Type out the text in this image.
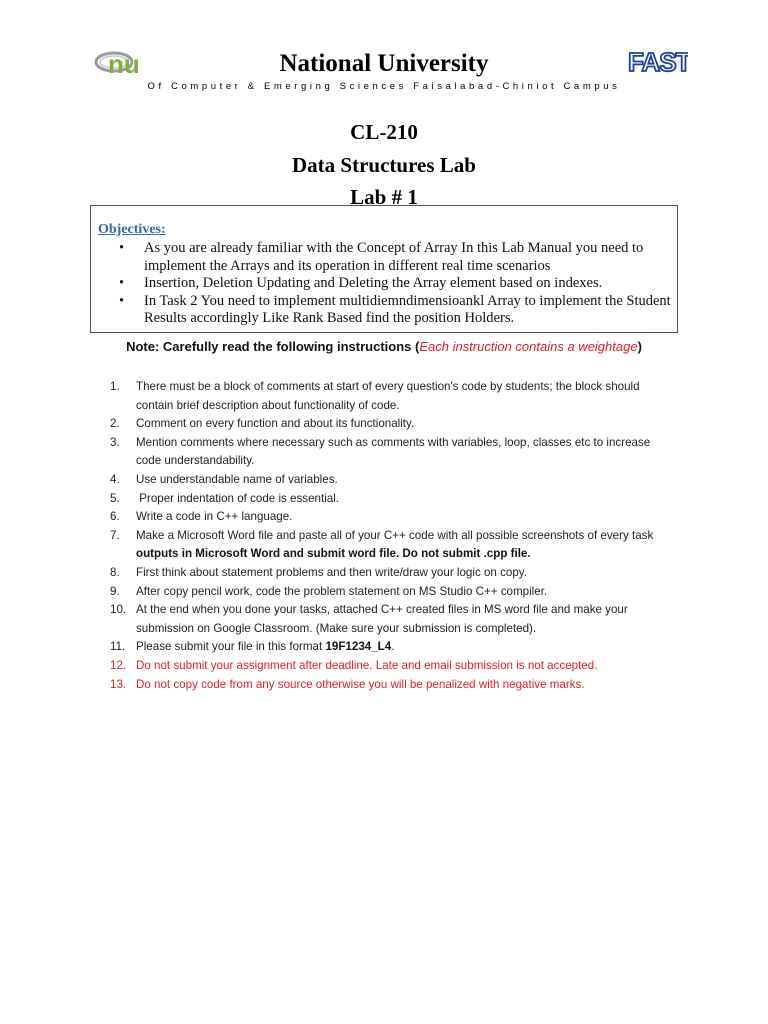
nu	FAST
National University
Of Computer & Emerging Sciences Faisalabad-Chiniot Campus
CL-210
Data Structures Lab
Lab # 1
Objectives:
• As you are already familiar with the Concept of Array In this Lab Manual you need to implement the Arrays and its operation in different real time scenarios
• Insertion, Deletion Updating and Deleting the Array element based on indexes.
• In Task 2 You need to implement multidiemndimensioankl Array to implement the Student Results accordingly Like Rank Based find the position Holders.
Note: Carefully read the following instructions (Each instruction contains a weightage)
1. There must be a block of comments at start of every question's code by students; the block should contain brief description about functionality of code.
2. Comment on every function and about its functionality.
3. Mention comments where necessary such as comments with variables, loop, classes etc to increase code understandability.
4. Use understandable name of variables.
5. Proper indentation of code is essential.
6. Write a code in C++ language.
7. Make a Microsoft Word file and paste all of your C++ code with all possible screenshots of every task outputs in Microsoft Word and submit word file. Do not submit .cpp file.
8. First think about statement problems and then write/draw your logic on copy.
9. After copy pencil work, code the problem statement on MS Studio C++ compiler.
10. At the end when you done your tasks, attached C++ created files in MS word file and make your submission on Google Classroom. (Make sure your submission is completed).
11. Please submit your file in this format 19F1234_L4.
12. Do not submit your assignment after deadline. Late and email submission is not accepted.
13. Do not copy code from any source otherwise you will be penalized with negative marks.
